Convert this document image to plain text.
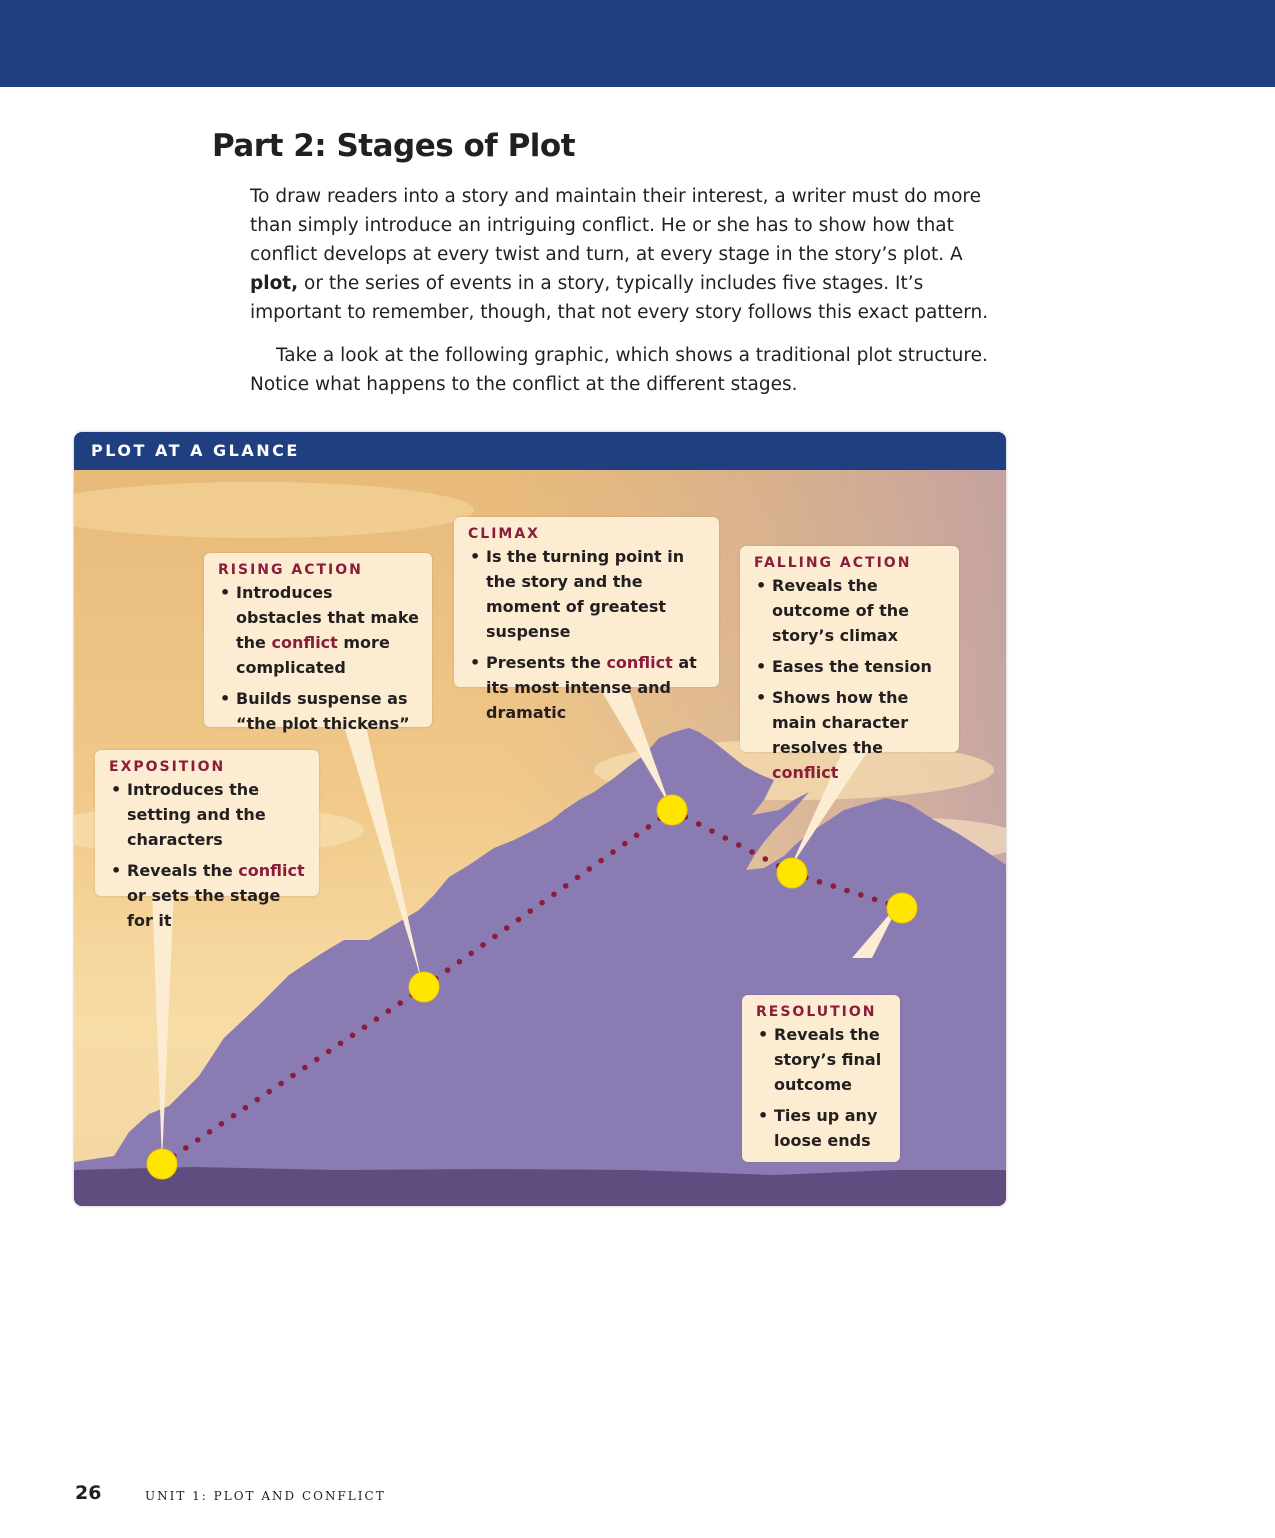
Part 2: Stages of Plot

To draw readers into a story and maintain their interest, a writer must do more than simply introduce an intriguing conflict. He or she has to show how that conflict develops at every twist and turn, at every stage in the story’s plot. A plot, or the series of events in a story, typically includes five stages. It’s important to remember, though, that not every story follows this exact pattern.

Take a look at the following graphic, which shows a traditional plot structure. Notice what happens to the conflict at the different stages.

PLOT AT A GLANCE
EXPOSITION
• Introduces the setting and the characters
• Reveals the conflict or sets the stage for it
RISING ACTION
• Introduces obstacles that make the conflict more complicated
• Builds suspense as “the plot thickens”
CLIMAX
• Is the turning point in the story and the moment of greatest suspense
• Presents the conflict at its most intense and dramatic
FALLING ACTION
• Reveals the outcome of the story’s climax
• Eases the tension
• Shows how the main character resolves the conflict
RESOLUTION
• Reveals the story’s final outcome
• Ties up any loose ends
26	UNIT 1: PLOT AND CONFLICT
